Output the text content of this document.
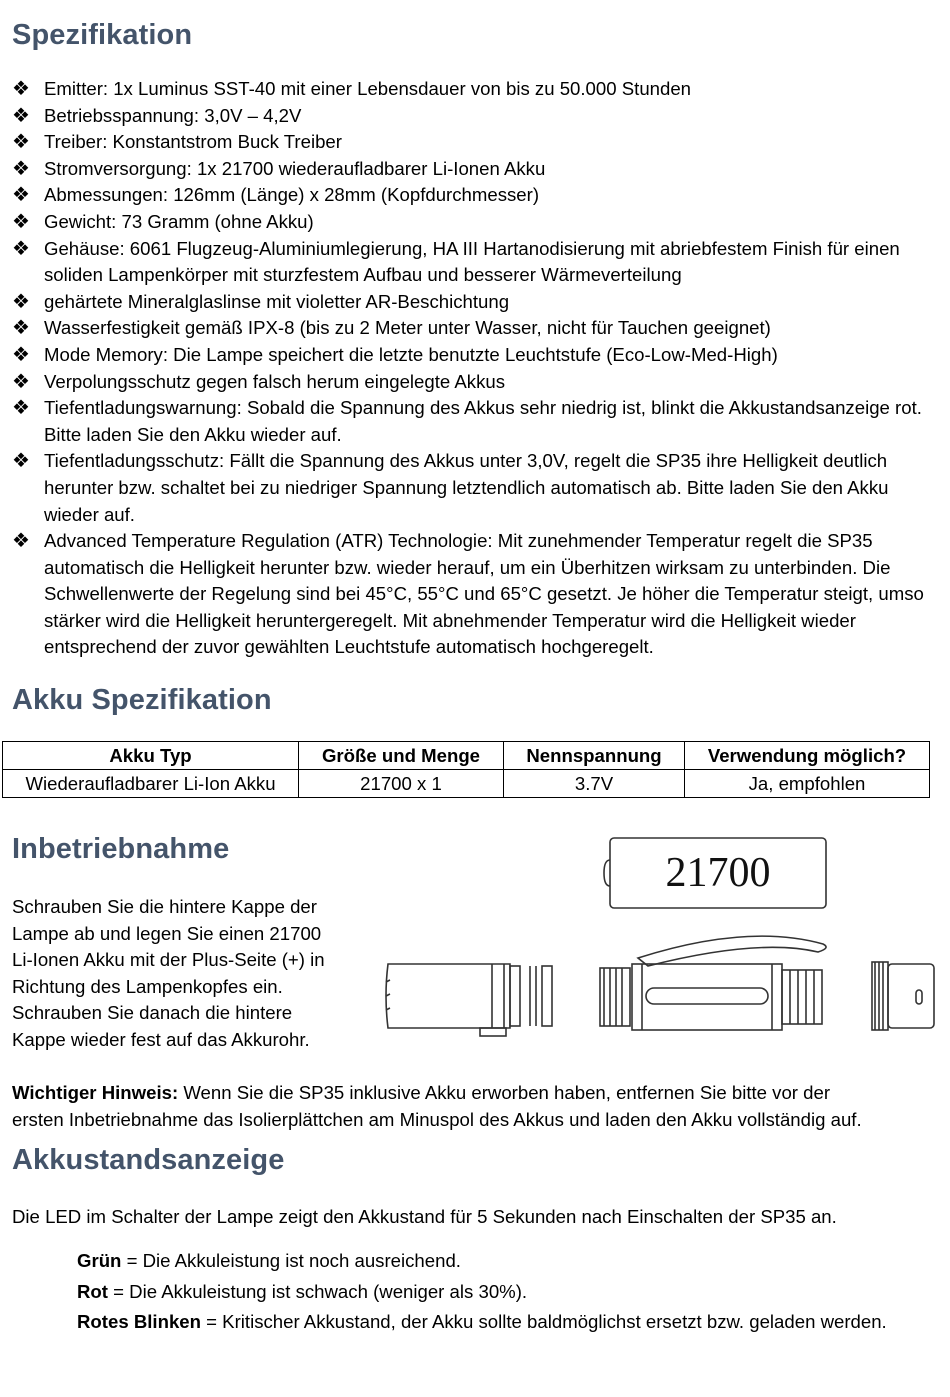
Spezifikation
❖ Emitter: 1x Luminus SST-40 mit einer Lebensdauer von bis zu 50.000 Stunden
❖ Betriebsspannung: 3,0V – 4,2V
❖ Treiber: Konstantstrom Buck Treiber
❖ Stromversorgung: 1x 21700 wiederaufladbarer Li-Ionen Akku
❖ Abmessungen: 126mm (Länge) x 28mm (Kopfdurchmesser)
❖ Gewicht: 73 Gramm (ohne Akku)
❖ Gehäuse: 6061 Flugzeug-Aluminiumlegierung, HA III Hartanodisierung mit abriebfestem Finish für einen soliden Lampenkörper mit sturzfestem Aufbau und besserer Wärmeverteilung
❖ gehärtete Mineralglaslinse mit violetter AR-Beschichtung
❖ Wasserfestigkeit gemäß IPX-8 (bis zu 2 Meter unter Wasser, nicht für Tauchen geeignet)
❖ Mode Memory: Die Lampe speichert die letzte benutzte Leuchtstufe (Eco-Low-Med-High)
❖ Verpolungsschutz gegen falsch herum eingelegte Akkus
❖ Tiefentladungswarnung: Sobald die Spannung des Akkus sehr niedrig ist, blinkt die Akkustandsanzeige rot. Bitte laden Sie den Akku wieder auf.
❖ Tiefentladungsschutz: Fällt die Spannung des Akkus unter 3,0V, regelt die SP35 ihre Helligkeit deutlich herunter bzw. schaltet bei zu niedriger Spannung letztendlich automatisch ab. Bitte laden Sie den Akku wieder auf.
❖ Advanced Temperature Regulation (ATR) Technologie: Mit zunehmender Temperatur regelt die SP35 automatisch die Helligkeit herunter bzw. wieder herauf, um ein Überhitzen wirksam zu unterbinden. Die Schwellenwerte der Regelung sind bei 45°C, 55°C und 65°C gesetzt. Je höher die Temperatur steigt, umso stärker wird die Helligkeit heruntergeregelt. Mit abnehmender Temperatur wird die Helligkeit wieder entsprechend der zuvor gewählten Leuchtstufe automatisch hochgeregelt.
Akku Spezifikation
Akku Typ	Größe und Menge	Nennspannung	Verwendung möglich?
Wiederaufladbarer Li-Ion Akku	21700 x 1	3.7V	Ja, empfohlen
Inbetriebnahme
Schrauben Sie die hintere Kappe der
Lampe ab und legen Sie einen 21700
Li-Ionen Akku mit der Plus-Seite (+) in
Richtung des Lampenkopfes ein.
Schrauben Sie danach die hintere
Kappe wieder fest auf das Akkurohr.
21700
Wichtiger Hinweis: Wenn Sie die SP35 inklusive Akku erworben haben, entfernen Sie bitte vor der
ersten Inbetriebnahme das Isolierplättchen am Minuspol des Akkus und laden den Akku vollständig auf.
Akkustandsanzeige
Die LED im Schalter der Lampe zeigt den Akkustand für 5 Sekunden nach Einschalten der SP35 an.
Grün = Die Akkuleistung ist noch ausreichend.
Rot = Die Akkuleistung ist schwach (weniger als 30%).
Rotes Blinken = Kritischer Akkustand, der Akku sollte baldmöglichst ersetzt bzw. geladen werden.
